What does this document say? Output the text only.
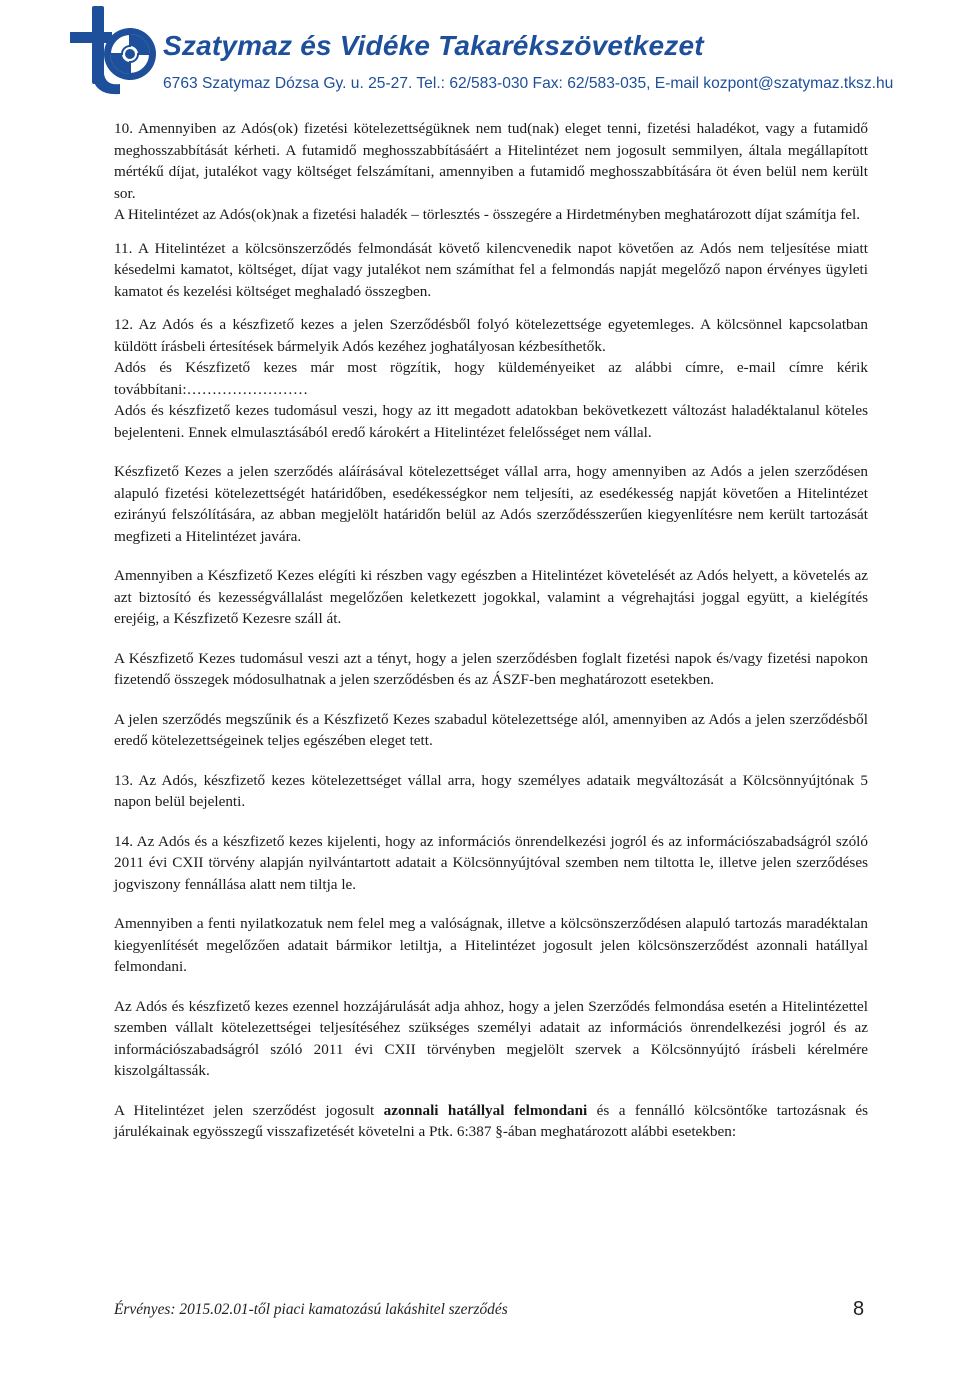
Szatymaz és Vidéke Takarékszövetkezet
6763 Szatymaz Dózsa Gy. u. 25-27. Tel.: 62/583-030 Fax: 62/583-035, E-mail kozpont@szatymaz.tksz.hu

10. Amennyiben az Adós(ok) fizetési kötelezettségüknek nem tud(nak) eleget tenni, fizetési haladékot, vagy a futamidő meghosszabbítását kérheti. A futamidő meghosszabbításáért a Hitelintézet nem jogosult semmilyen, általa megállapított mértékű díjat, jutalékot vagy költséget felszámítani, amennyiben a futamidő meghosszabbítására öt éven belül nem került sor.

A Hitelintézet az Adós(ok)nak a fizetési haladék – törlesztés - összegére a Hirdetményben meghatározott díjat számítja fel.

11. A Hitelintézet a kölcsönszerződés felmondását követő kilencvenedik napot követően az Adós nem teljesítése miatt késedelmi kamatot, költséget, díjat vagy jutalékot nem számíthat fel a felmondás napját megelőző napon érvényes ügyleti kamatot és kezelési költséget meghaladó összegben.

12. Az Adós és a készfizető kezes a jelen Szerződésből folyó kötelezettsége egyetemleges. A kölcsönnel kapcsolatban küldött írásbeli értesítések bármelyik Adós kezéhez joghatályosan kézbesíthetők.

Adós és Készfizető kezes már most rögzítik, hogy küldeményeiket az alábbi címre, e-mail címre kérik továbbítani:……………………

Adós és készfizető kezes tudomásul veszi, hogy az itt megadott adatokban bekövetkezett változást haladéktalanul köteles bejelenteni. Ennek elmulasztásából eredő károkért a Hitelintézet felelősséget nem vállal.

Készfizető Kezes a jelen szerződés aláírásával kötelezettséget vállal arra, hogy amennyiben az Adós a jelen szerződésen alapuló fizetési kötelezettségét határidőben, esedékességkor nem teljesíti, az esedékesség napját követően a Hitelintézet ezirányú felszólítására, az abban megjelölt határidőn belül az Adós szerződésszerűen kiegyenlítésre nem került tartozását megfizeti a Hitelintézet javára.

Amennyiben a Készfizető Kezes elégíti ki részben vagy egészben a Hitelintézet követelését az Adós helyett, a követelés az azt biztosító és kezességvállalást megelőzően keletkezett jogokkal, valamint a végrehajtási joggal együtt, a kielégítés erejéig, a Készfizető Kezesre száll át.

A Készfizető Kezes tudomásul veszi azt a tényt, hogy a jelen szerződésben foglalt fizetési napok és/vagy fizetési napokon fizetendő összegek módosulhatnak a jelen szerződésben és az ÁSZF-ben meghatározott esetekben.

A jelen szerződés megszűnik és a Készfizető Kezes szabadul kötelezettsége alól, amennyiben az Adós a jelen szerződésből eredő kötelezettségeinek teljes egészében eleget tett.

13. Az Adós, készfizető kezes kötelezettséget vállal arra, hogy személyes adataik megváltozását a Kölcsönnyújtónak 5 napon belül bejelenti.

14. Az Adós és a készfizető kezes kijelenti, hogy az információs önrendelkezési jogról és az információszabadságról szóló 2011 évi CXII törvény alapján nyilvántartott adatait a Kölcsönnyújtóval szemben nem tiltotta le, illetve jelen szerződéses jogviszony fennállása alatt nem tiltja le.

Amennyiben a fenti nyilatkozatuk nem felel meg a valóságnak, illetve a kölcsönszerződésen alapuló tartozás maradéktalan kiegyenlítését megelőzően adatait bármikor letiltja, a Hitelintézet jogosult jelen kölcsönszerződést azonnali hatállyal felmondani.

Az Adós és készfizető kezes ezennel hozzájárulását adja ahhoz, hogy a jelen Szerződés felmondása esetén a Hitelintézettel szemben vállalt kötelezettségei teljesítéséhez szükséges személyi adatait az információs önrendelkezési jogról és az információszabadságról szóló 2011 évi CXII törvényben megjelölt szervek a Kölcsönnyújtó írásbeli kérelmére kiszolgáltassák.

A Hitelintézet jelen szerződést jogosult azonnali hatállyal felmondani és a fennálló kölcsöntőke tartozásnak és járulékainak egyösszegű visszafizetését követelni a Ptk. 6:387 §-ában meghatározott alábbi esetekben:

Érvényes: 2015.02.01-től piaci kamatozású lakáshitel szerződés	8
